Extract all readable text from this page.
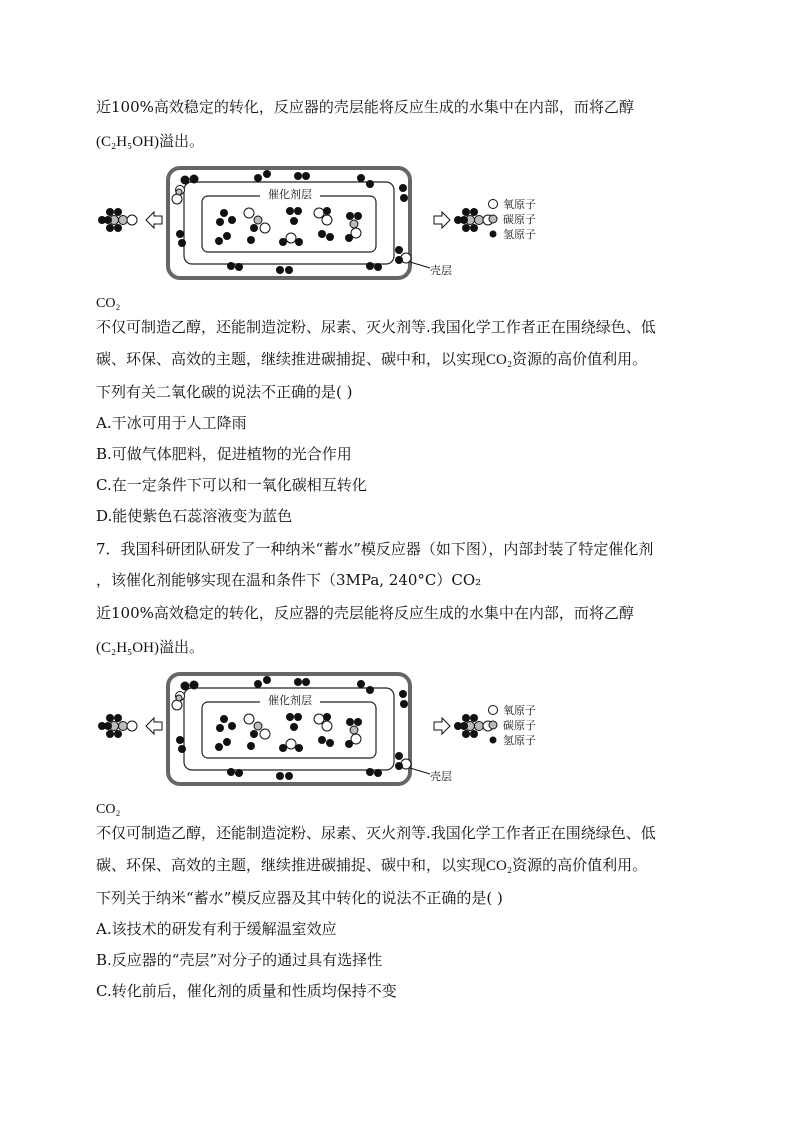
近100%高效稳定的转化，反应器的壳层能将反应生成的水集中在内部，而将乙醇
(C₂H₅OH)溢出。
催化剂层
氧原子
碳原子
氢原子
壳层
CO₂
不仅可制造乙醇，还能制造淀粉、尿素、灭火剂等.我国化学工作者正在围绕绿色、低
碳、环保、高效的主题，继续推进碳捕捉、碳中和，以实现CO₂资源的高价值利用。
下列有关二氧化碳的说法不正确的是( )
A.干冰可用于人工降雨
B.可做气体肥料，促进植物的光合作用
C.在一定条件下可以和一氧化碳相互转化
D.能使紫色石蕊溶液变为蓝色
7．我国科研团队研发了一种纳米“蓄水”模反应器（如下图），内部封装了特定催化剂
，该催化剂能够实现在温和条件下（3MPa, 240°C）CO₂
近100%高效稳定的转化，反应器的壳层能将反应生成的水集中在内部，而将乙醇
(C₂H₅OH)溢出。
催化剂层
氧原子
碳原子
氢原子
壳层
CO₂
不仅可制造乙醇，还能制造淀粉、尿素、灭火剂等.我国化学工作者正在围绕绿色、低
碳、环保、高效的主题，继续推进碳捕捉、碳中和，以实现CO₂资源的高价值利用。
下列关于纳米“蓄水”模反应器及其中转化的说法不正确的是( )
A.该技术的研发有利于缓解温室效应
B.反应器的“壳层”对分子的通过具有选择性
C.转化前后，催化剂的质量和性质均保持不变
